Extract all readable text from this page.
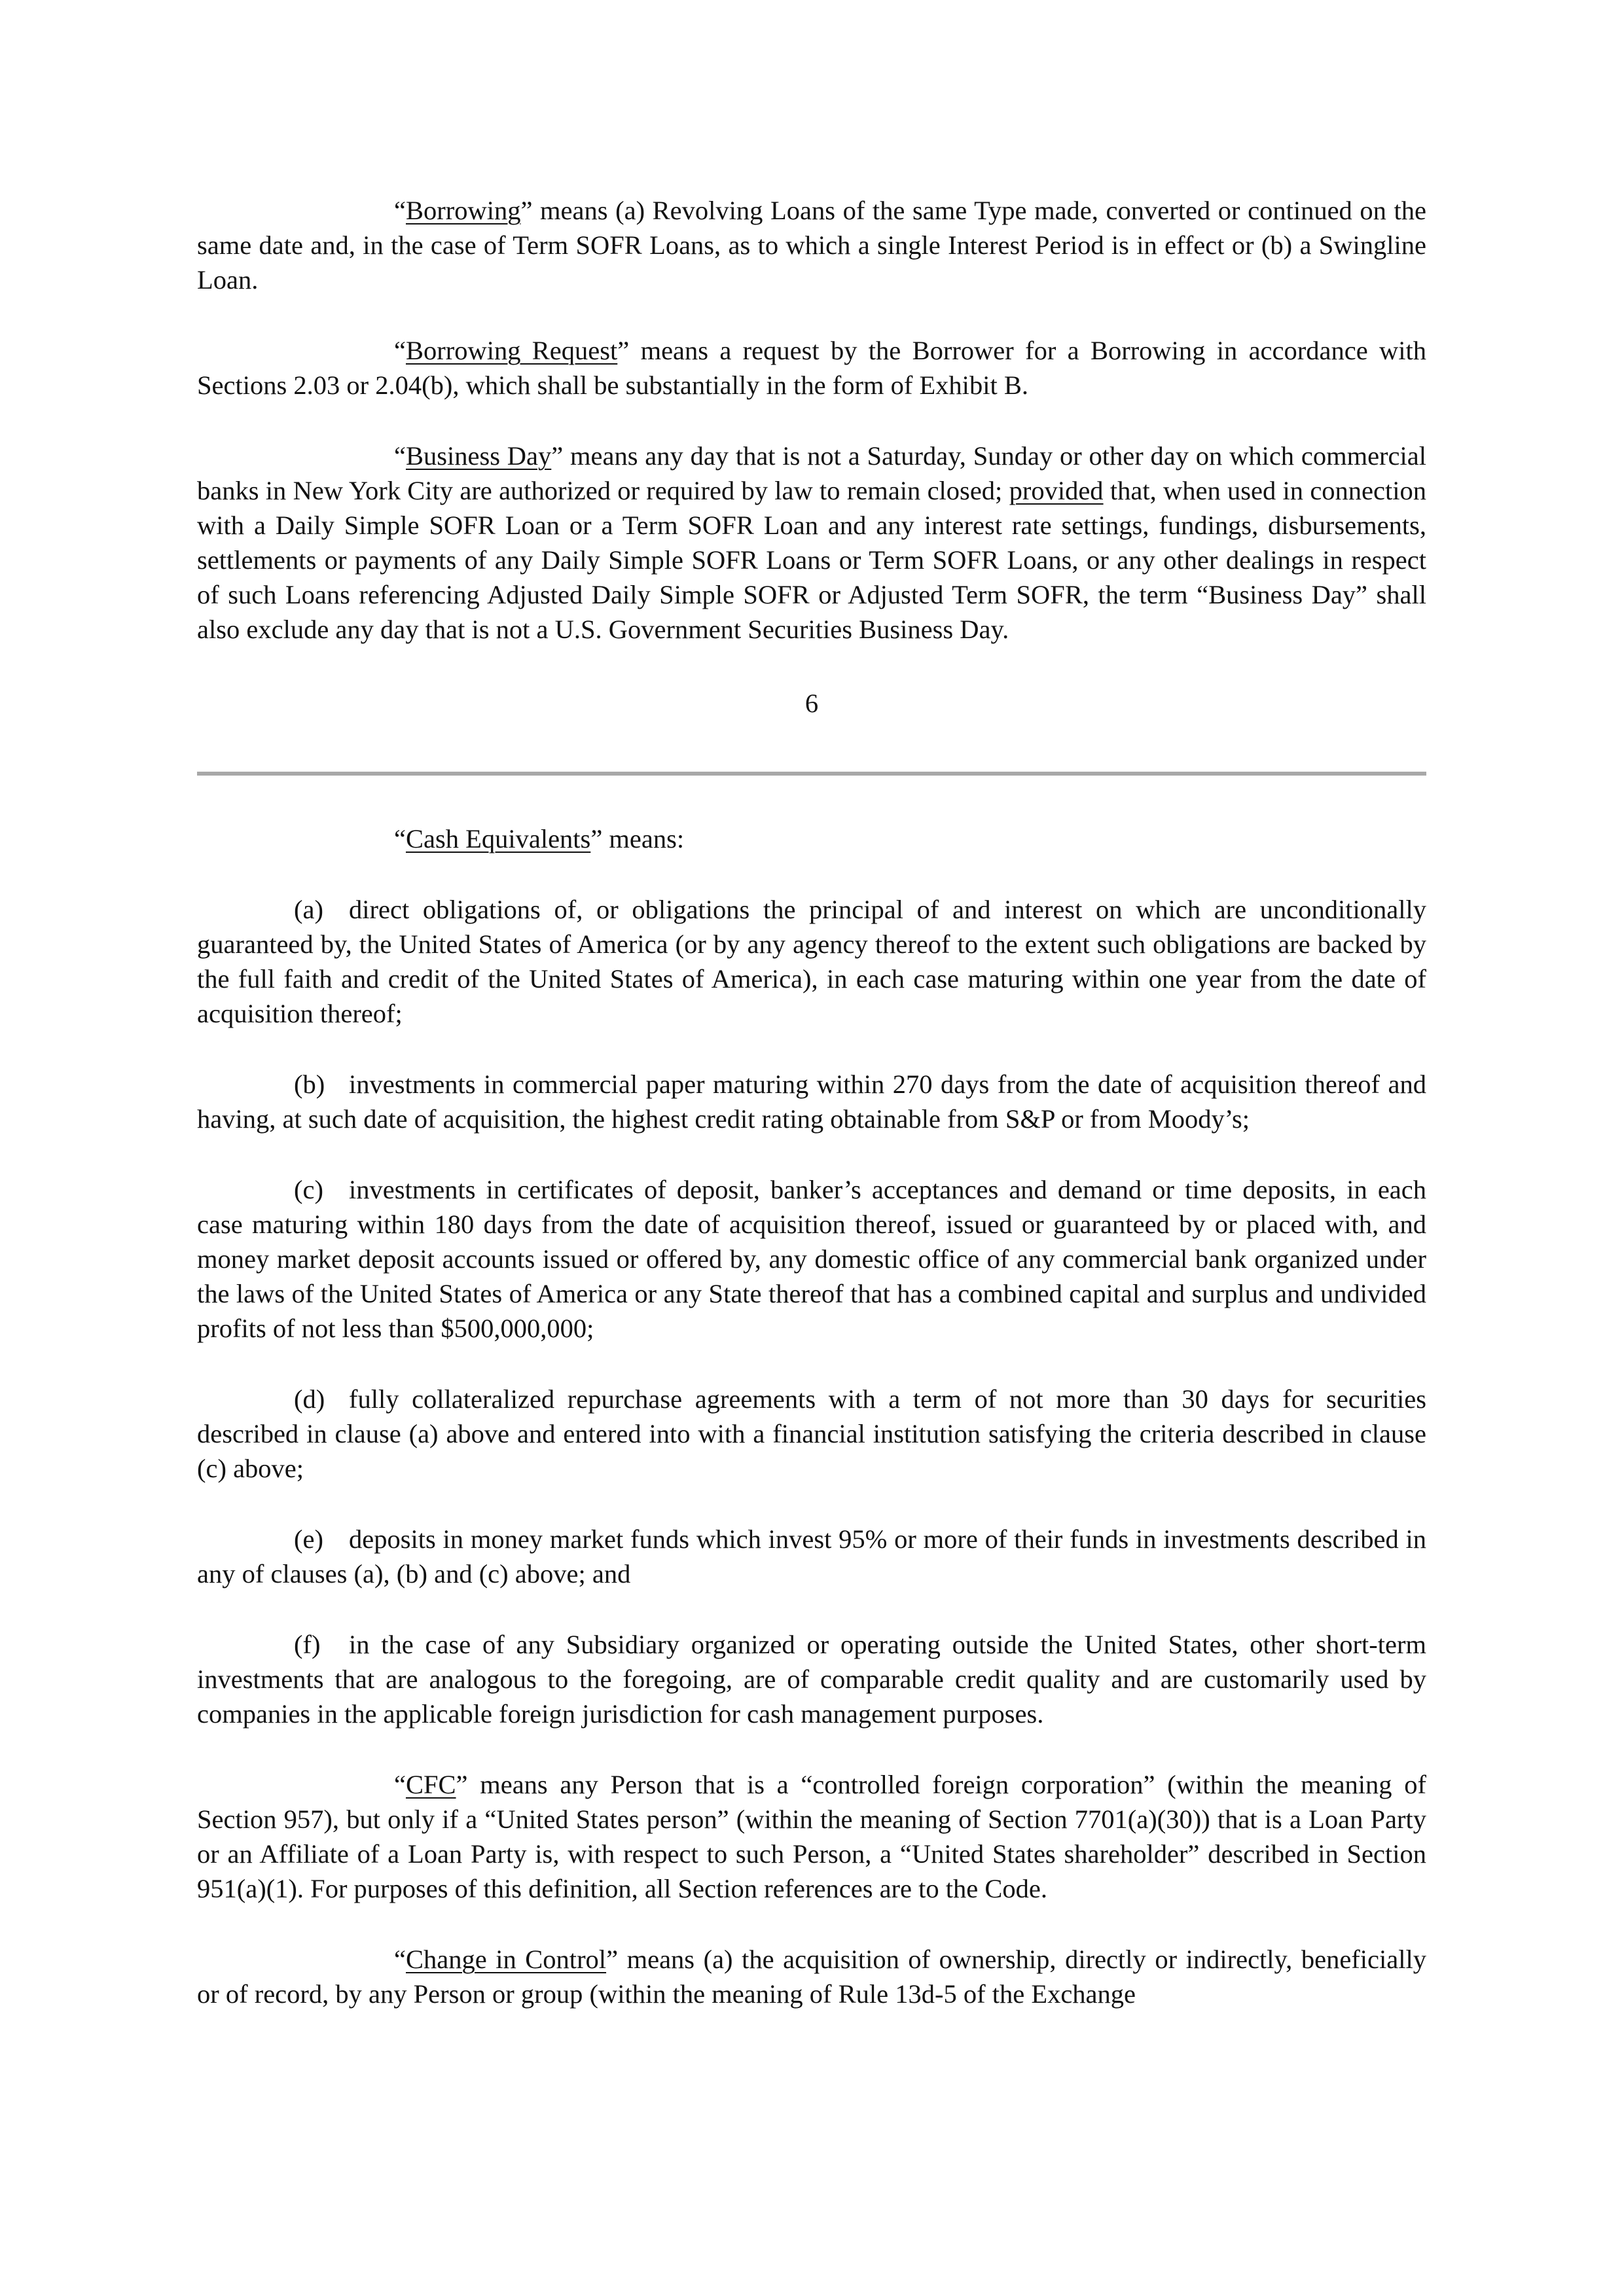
“Borrowing” means (a) Revolving Loans of the same Type made, converted or continued on the same date and, in the case of Term SOFR Loans, as to which a single Interest Period is in effect or (b) a Swingline Loan.

“Borrowing Request” means a request by the Borrower for a Borrowing in accordance with Sections 2.03 or 2.04(b), which shall be substantially in the form of Exhibit B.

“Business Day” means any day that is not a Saturday, Sunday or other day on which commercial banks in New York City are authorized or required by law to remain closed; provided that, when used in connection with a Daily Simple SOFR Loan or a Term SOFR Loan and any interest rate settings, fundings, disbursements, settlements or payments of any Daily Simple SOFR Loans or Term SOFR Loans, or any other dealings in respect of such Loans referencing Adjusted Daily Simple SOFR or Adjusted Term SOFR, the term “Business Day” shall also exclude any day that is not a U.S. Government Securities Business Day.

6

“Cash Equivalents” means:

(a) direct obligations of, or obligations the principal of and interest on which are unconditionally guaranteed by, the United States of America (or by any agency thereof to the extent such obligations are backed by the full faith and credit of the United States of America), in each case maturing within one year from the date of acquisition thereof;

(b) investments in commercial paper maturing within 270 days from the date of acquisition thereof and having, at such date of acquisition, the highest credit rating obtainable from S&P or from Moody’s;

(c) investments in certificates of deposit, banker’s acceptances and demand or time deposits, in each case maturing within 180 days from the date of acquisition thereof, issued or guaranteed by or placed with, and money market deposit accounts issued or offered by, any domestic office of any commercial bank organized under the laws of the United States of America or any State thereof that has a combined capital and surplus and undivided profits of not less than $500,000,000;

(d) fully collateralized repurchase agreements with a term of not more than 30 days for securities described in clause (a) above and entered into with a financial institution satisfying the criteria described in clause (c) above;

(e) deposits in money market funds which invest 95% or more of their funds in investments described in any of clauses (a), (b) and (c) above; and

(f) in the case of any Subsidiary organized or operating outside the United States, other short-term investments that are analogous to the foregoing, are of comparable credit quality and are customarily used by companies in the applicable foreign jurisdiction for cash management purposes.

“CFC” means any Person that is a “controlled foreign corporation” (within the meaning of Section 957), but only if a “United States person” (within the meaning of Section 7701(a)(30)) that is a Loan Party or an Affiliate of a Loan Party is, with respect to such Person, a “United States shareholder” described in Section 951(a)(1). For purposes of this definition, all Section references are to the Code.

“Change in Control” means (a) the acquisition of ownership, directly or indirectly, beneficially or of record, by any Person or group (within the meaning of Rule 13d-5 of the Exchange
